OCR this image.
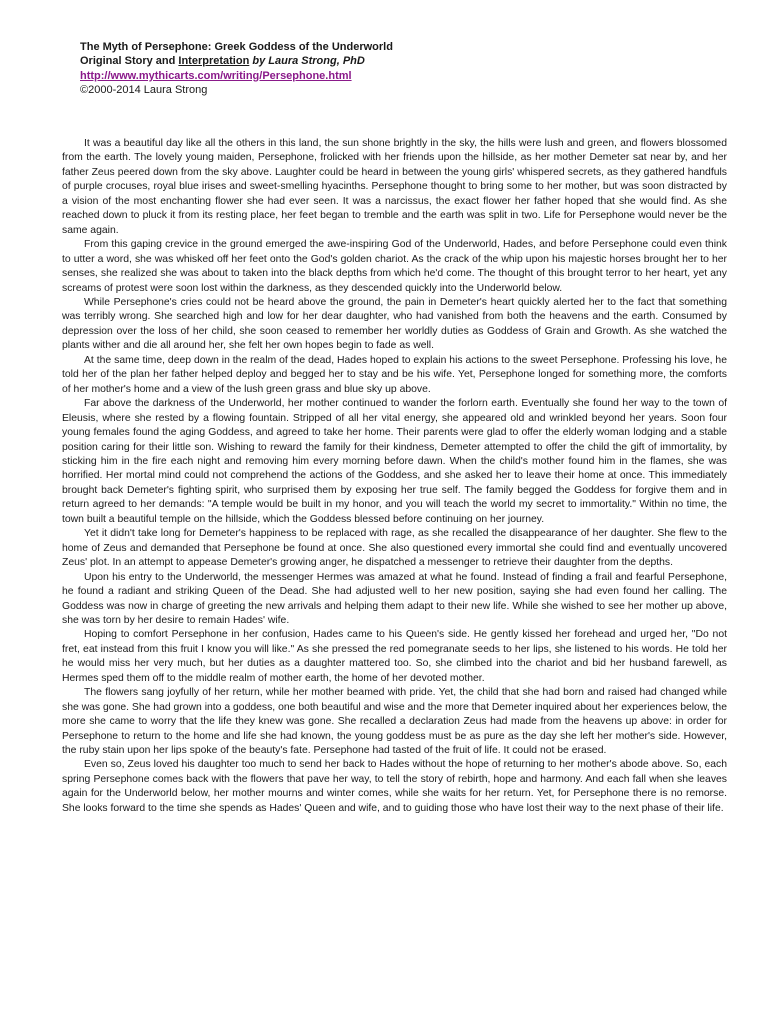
The Myth of Persephone: Greek Goddess of the Underworld
Original Story and Interpretation by Laura Strong, PhD
http://www.mythicarts.com/writing/Persephone.html
©2000-2014 Laura Strong

It was a beautiful day like all the others in this land, the sun shone brightly in the sky, the hills were lush and green, and flowers blossomed from the earth. The lovely young maiden, Persephone, frolicked with her friends upon the hillside, as her mother Demeter sat near by, and her father Zeus peered down from the sky above. Laughter could be heard in between the young girls' whispered secrets, as they gathered handfuls of purple crocuses, royal blue irises and sweet-smelling hyacinths. Persephone thought to bring some to her mother, but was soon distracted by a vision of the most enchanting flower she had ever seen. It was a narcissus, the exact flower her father hoped that she would find. As she reached down to pluck it from its resting place, her feet began to tremble and the earth was split in two. Life for Persephone would never be the same again.

From this gaping crevice in the ground emerged the awe-inspiring God of the Underworld, Hades, and before Persephone could even think to utter a word, she was whisked off her feet onto the God's golden chariot. As the crack of the whip upon his majestic horses brought her to her senses, she realized she was about to taken into the black depths from which he'd come. The thought of this brought terror to her heart, yet any screams of protest were soon lost within the darkness, as they descended quickly into the Underworld below.

While Persephone's cries could not be heard above the ground, the pain in Demeter's heart quickly alerted her to the fact that something was terribly wrong. She searched high and low for her dear daughter, who had vanished from both the heavens and the earth. Consumed by depression over the loss of her child, she soon ceased to remember her worldly duties as Goddess of Grain and Growth. As she watched the plants wither and die all around her, she felt her own hopes begin to fade as well.

At the same time, deep down in the realm of the dead, Hades hoped to explain his actions to the sweet Persephone. Professing his love, he told her of the plan her father helped deploy and begged her to stay and be his wife. Yet, Persephone longed for something more, the comforts of her mother's home and a view of the lush green grass and blue sky up above.

Far above the darkness of the Underworld, her mother continued to wander the forlorn earth. Eventually she found her way to the town of Eleusis, where she rested by a flowing fountain. Stripped of all her vital energy, she appeared old and wrinkled beyond her years. Soon four young females found the aging Goddess, and agreed to take her home. Their parents were glad to offer the elderly woman lodging and a stable position caring for their little son. Wishing to reward the family for their kindness, Demeter attempted to offer the child the gift of immortality, by sticking him in the fire each night and removing him every morning before dawn. When the child's mother found him in the flames, she was horrified. Her mortal mind could not comprehend the actions of the Goddess, and she asked her to leave their home at once. This immediately brought back Demeter's fighting spirit, who surprised them by exposing her true self. The family begged the Goddess for forgive them and in return agreed to her demands: "A temple would be built in my honor, and you will teach the world my secret to immortality." Within no time, the town built a beautiful temple on the hillside, which the Goddess blessed before continuing on her journey.

Yet it didn't take long for Demeter's happiness to be replaced with rage, as she recalled the disappearance of her daughter. She flew to the home of Zeus and demanded that Persephone be found at once. She also questioned every immortal she could find and eventually uncovered Zeus' plot. In an attempt to appease Demeter's growing anger, he dispatched a messenger to retrieve their daughter from the depths.

Upon his entry to the Underworld, the messenger Hermes was amazed at what he found. Instead of finding a frail and fearful Persephone, he found a radiant and striking Queen of the Dead. She had adjusted well to her new position, saying she had even found her calling. The Goddess was now in charge of greeting the new arrivals and helping them adapt to their new life. While she wished to see her mother up above, she was torn by her desire to remain Hades' wife.

Hoping to comfort Persephone in her confusion, Hades came to his Queen's side. He gently kissed her forehead and urged her, "Do not fret, eat instead from this fruit I know you will like." As she pressed the red pomegranate seeds to her lips, she listened to his words. He told her he would miss her very much, but her duties as a daughter mattered too. So, she climbed into the chariot and bid her husband farewell, as Hermes sped them off to the middle realm of mother earth, the home of her devoted mother.

The flowers sang joyfully of her return, while her mother beamed with pride. Yet, the child that she had born and raised had changed while she was gone. She had grown into a goddess, one both beautiful and wise and the more that Demeter inquired about her experiences below, the more she came to worry that the life they knew was gone. She recalled a declaration Zeus had made from the heavens up above: in order for Persephone to return to the home and life she had known, the young goddess must be as pure as the day she left her mother's side. However, the ruby stain upon her lips spoke of the beauty's fate. Persephone had tasted of the fruit of life. It could not be erased.

Even so, Zeus loved his daughter too much to send her back to Hades without the hope of returning to her mother's abode above. So, each spring Persephone comes back with the flowers that pave her way, to tell the story of rebirth, hope and harmony. And each fall when she leaves again for the Underworld below, her mother mourns and winter comes, while she waits for her return. Yet, for Persephone there is no remorse. She looks forward to the time she spends as Hades' Queen and wife, and to guiding those who have lost their way to the next phase of their life.
